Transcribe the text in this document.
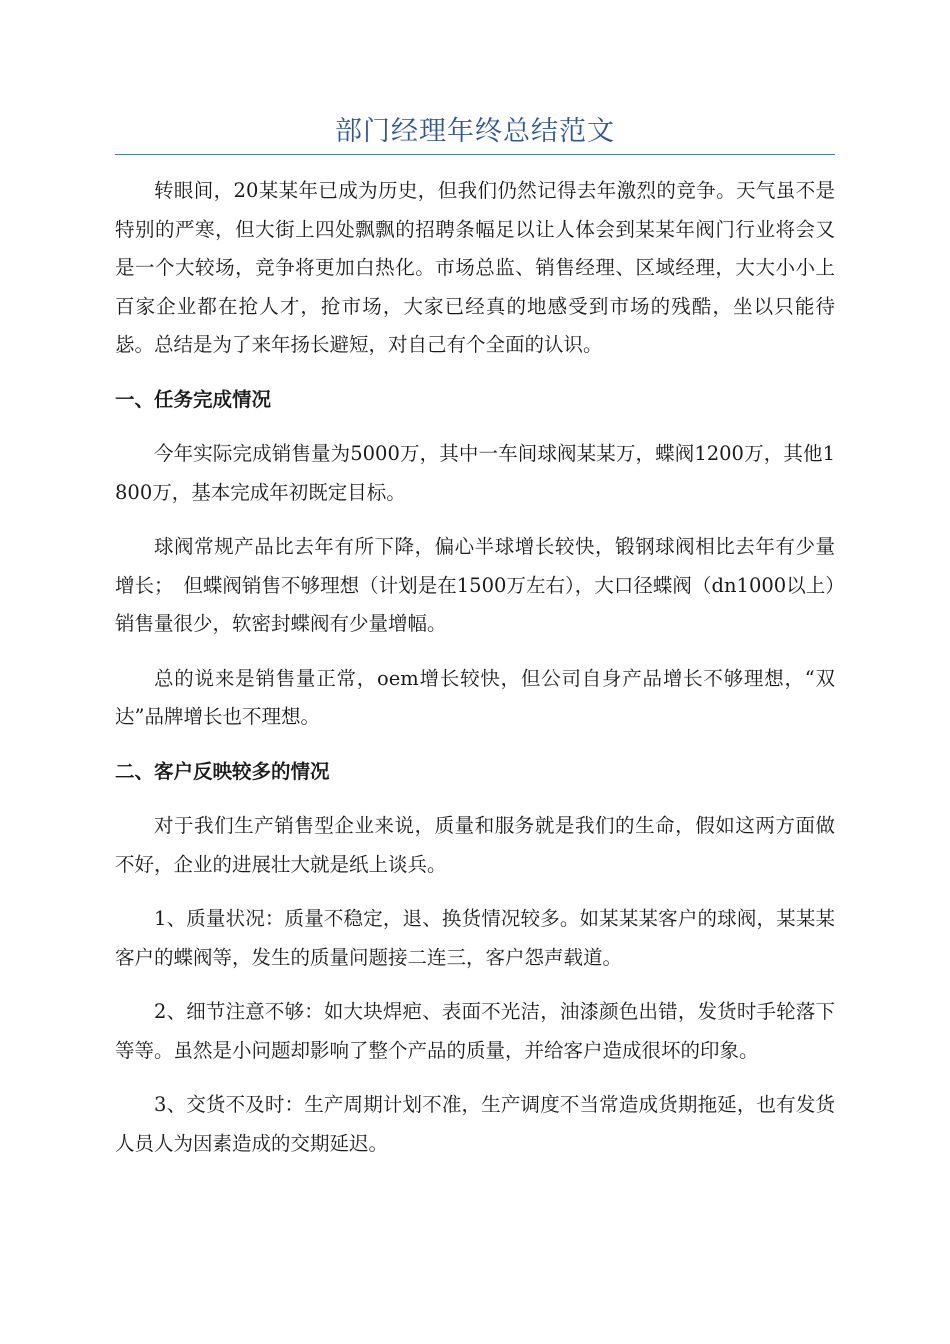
部门经理年终总结范文

转眼间，20某某年已成为历史，但我们仍然记得去年激烈的竞争。天气虽不是特别的严寒，但大街上四处飘飘的招聘条幅足以让人体会到某某年阀门行业将会又是一个大较场，竞争将更加白热化。市场总监、销售经理、区域经理，大大小小上百家企业都在抢人才，抢市场，大家已经真的地感受到市场的残酷，坐以只能待毖。总结是为了来年扬长避短，对自己有个全面的认识。

一、任务完成情况

今年实际完成销售量为5000万，其中一车间球阀某某万，蝶阀1200万，其他1800万，基本完成年初既定目标。

球阀常规产品比去年有所下降，偏心半球增长较快，锻钢球阀相比去年有少量增长；　但蝶阀销售不够理想（计划是在1500万左右），大口径蝶阀（dn1000以上）销售量很少，软密封蝶阀有少量增幅。

总的说来是销售量正常，oem增长较快，但公司自身产品增长不够理想，“双达”品牌增长也不理想。

二、客户反映较多的情况

对于我们生产销售型企业来说，质量和服务就是我们的生命，假如这两方面做不好，企业的进展壮大就是纸上谈兵。

1、质量状况：质量不稳定，退、换货情况较多。如某某某客户的球阀，某某某客户的蝶阀等，发生的质量问题接二连三，客户怨声载道。

2、细节注意不够：如大块焊疤、表面不光洁，油漆颜色出错，发货时手轮落下等等。虽然是小问题却影响了整个产品的质量，并给客户造成很坏的印象。

3、交货不及时：生产周期计划不准，生产调度不当常造成货期拖延，也有发货人员人为因素造成的交期延迟。
